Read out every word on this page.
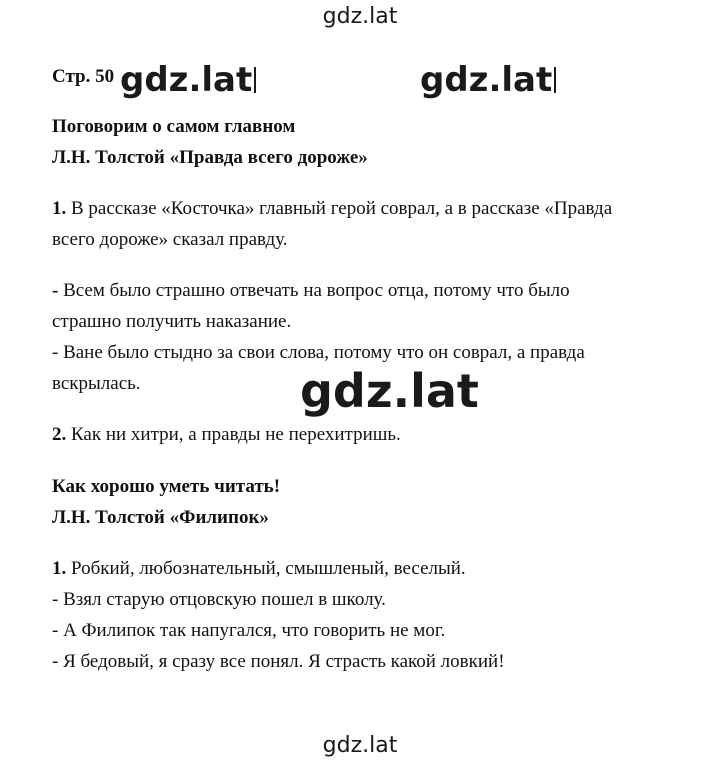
gdz.lat
Стр. 50 gdz.lat	gdz.lat
Поговорим о самом главном
Л.Н. Толстой «Правда всего дороже»
1. В рассказе «Косточка» главный герой соврал, а в рассказе «Правда
всего дороже» сказал правду.
- Всем было страшно отвечать на вопрос отца, потому что было
страшно получить наказание.
- Ване было стыдно за свои слова, потому что он соврал, а правда
вскрылась.	gdz.lat
2. Как ни хитри, а правды не перехитришь.
Как хорошо уметь читать!
Л.Н. Толстой «Филипок»
1. Робкий, любознательный, смышленый, веселый.
- Взял старую отцовскую пошел в школу.
- А Филипок так напугался, что говорить не мог.
- Я бедовый, я сразу все понял. Я страсть какой ловкий!
gdz.lat
